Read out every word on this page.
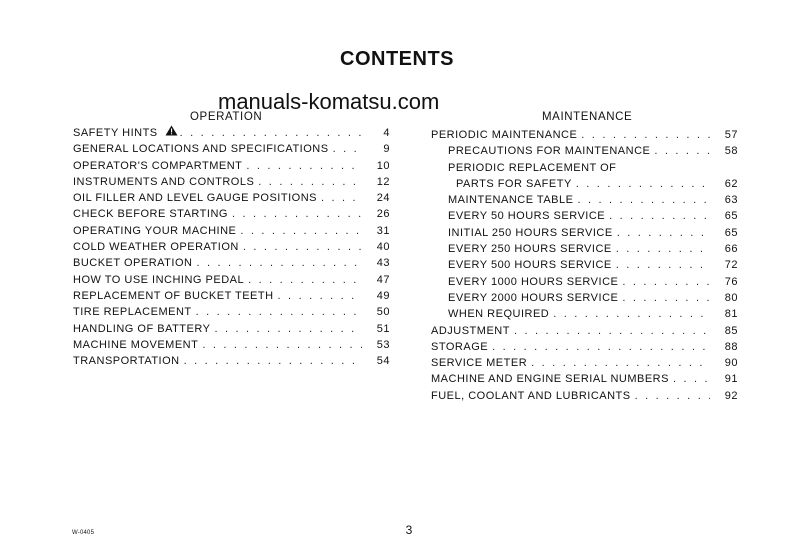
CONTENTS
manuals-komatsu.com
OPERATION
SAFETY HINTS . . .	4
GENERAL LOCATIONS AND SPECIFICATIONS . . .	9
OPERATOR'S COMPARTMENT . . .	10
INSTRUMENTS AND CONTROLS . . .	12
OIL FILLER AND LEVEL GAUGE POSITIONS . . .	24
CHECK BEFORE STARTING . . .	26
OPERATING YOUR MACHINE . . .	31
COLD WEATHER OPERATION . . .	40
BUCKET OPERATION . . .	43
HOW TO USE INCHING PEDAL . . .	47
REPLACEMENT OF BUCKET TEETH . . .	49
TIRE REPLACEMENT . . .	50
HANDLING OF BATTERY . . .	51
MACHINE MOVEMENT . . .	53
TRANSPORTATION . . .	54
MAINTENANCE
PERIODIC MAINTENANCE . . .	57
PRECAUTIONS FOR MAINTENANCE . . .	58
PERIODIC REPLACEMENT OF
PARTS FOR SAFETY . . .	62
MAINTENANCE TABLE . . .	63
EVERY 50 HOURS SERVICE . . .	65
INITIAL 250 HOURS SERVICE . . .	65
EVERY 250 HOURS SERVICE . . .	66
EVERY 500 HOURS SERVICE . . .	72
EVERY 1000 HOURS SERVICE . . .	76
EVERY 2000 HOURS SERVICE . . .	80
WHEN REQUIRED . . .	81
ADJUSTMENT . . .	85
STORAGE . . .	88
SERVICE METER . . .	90
MACHINE AND ENGINE SERIAL NUMBERS . . .	91
FUEL, COOLANT AND LUBRICANTS . . .	92
W-0405	3
